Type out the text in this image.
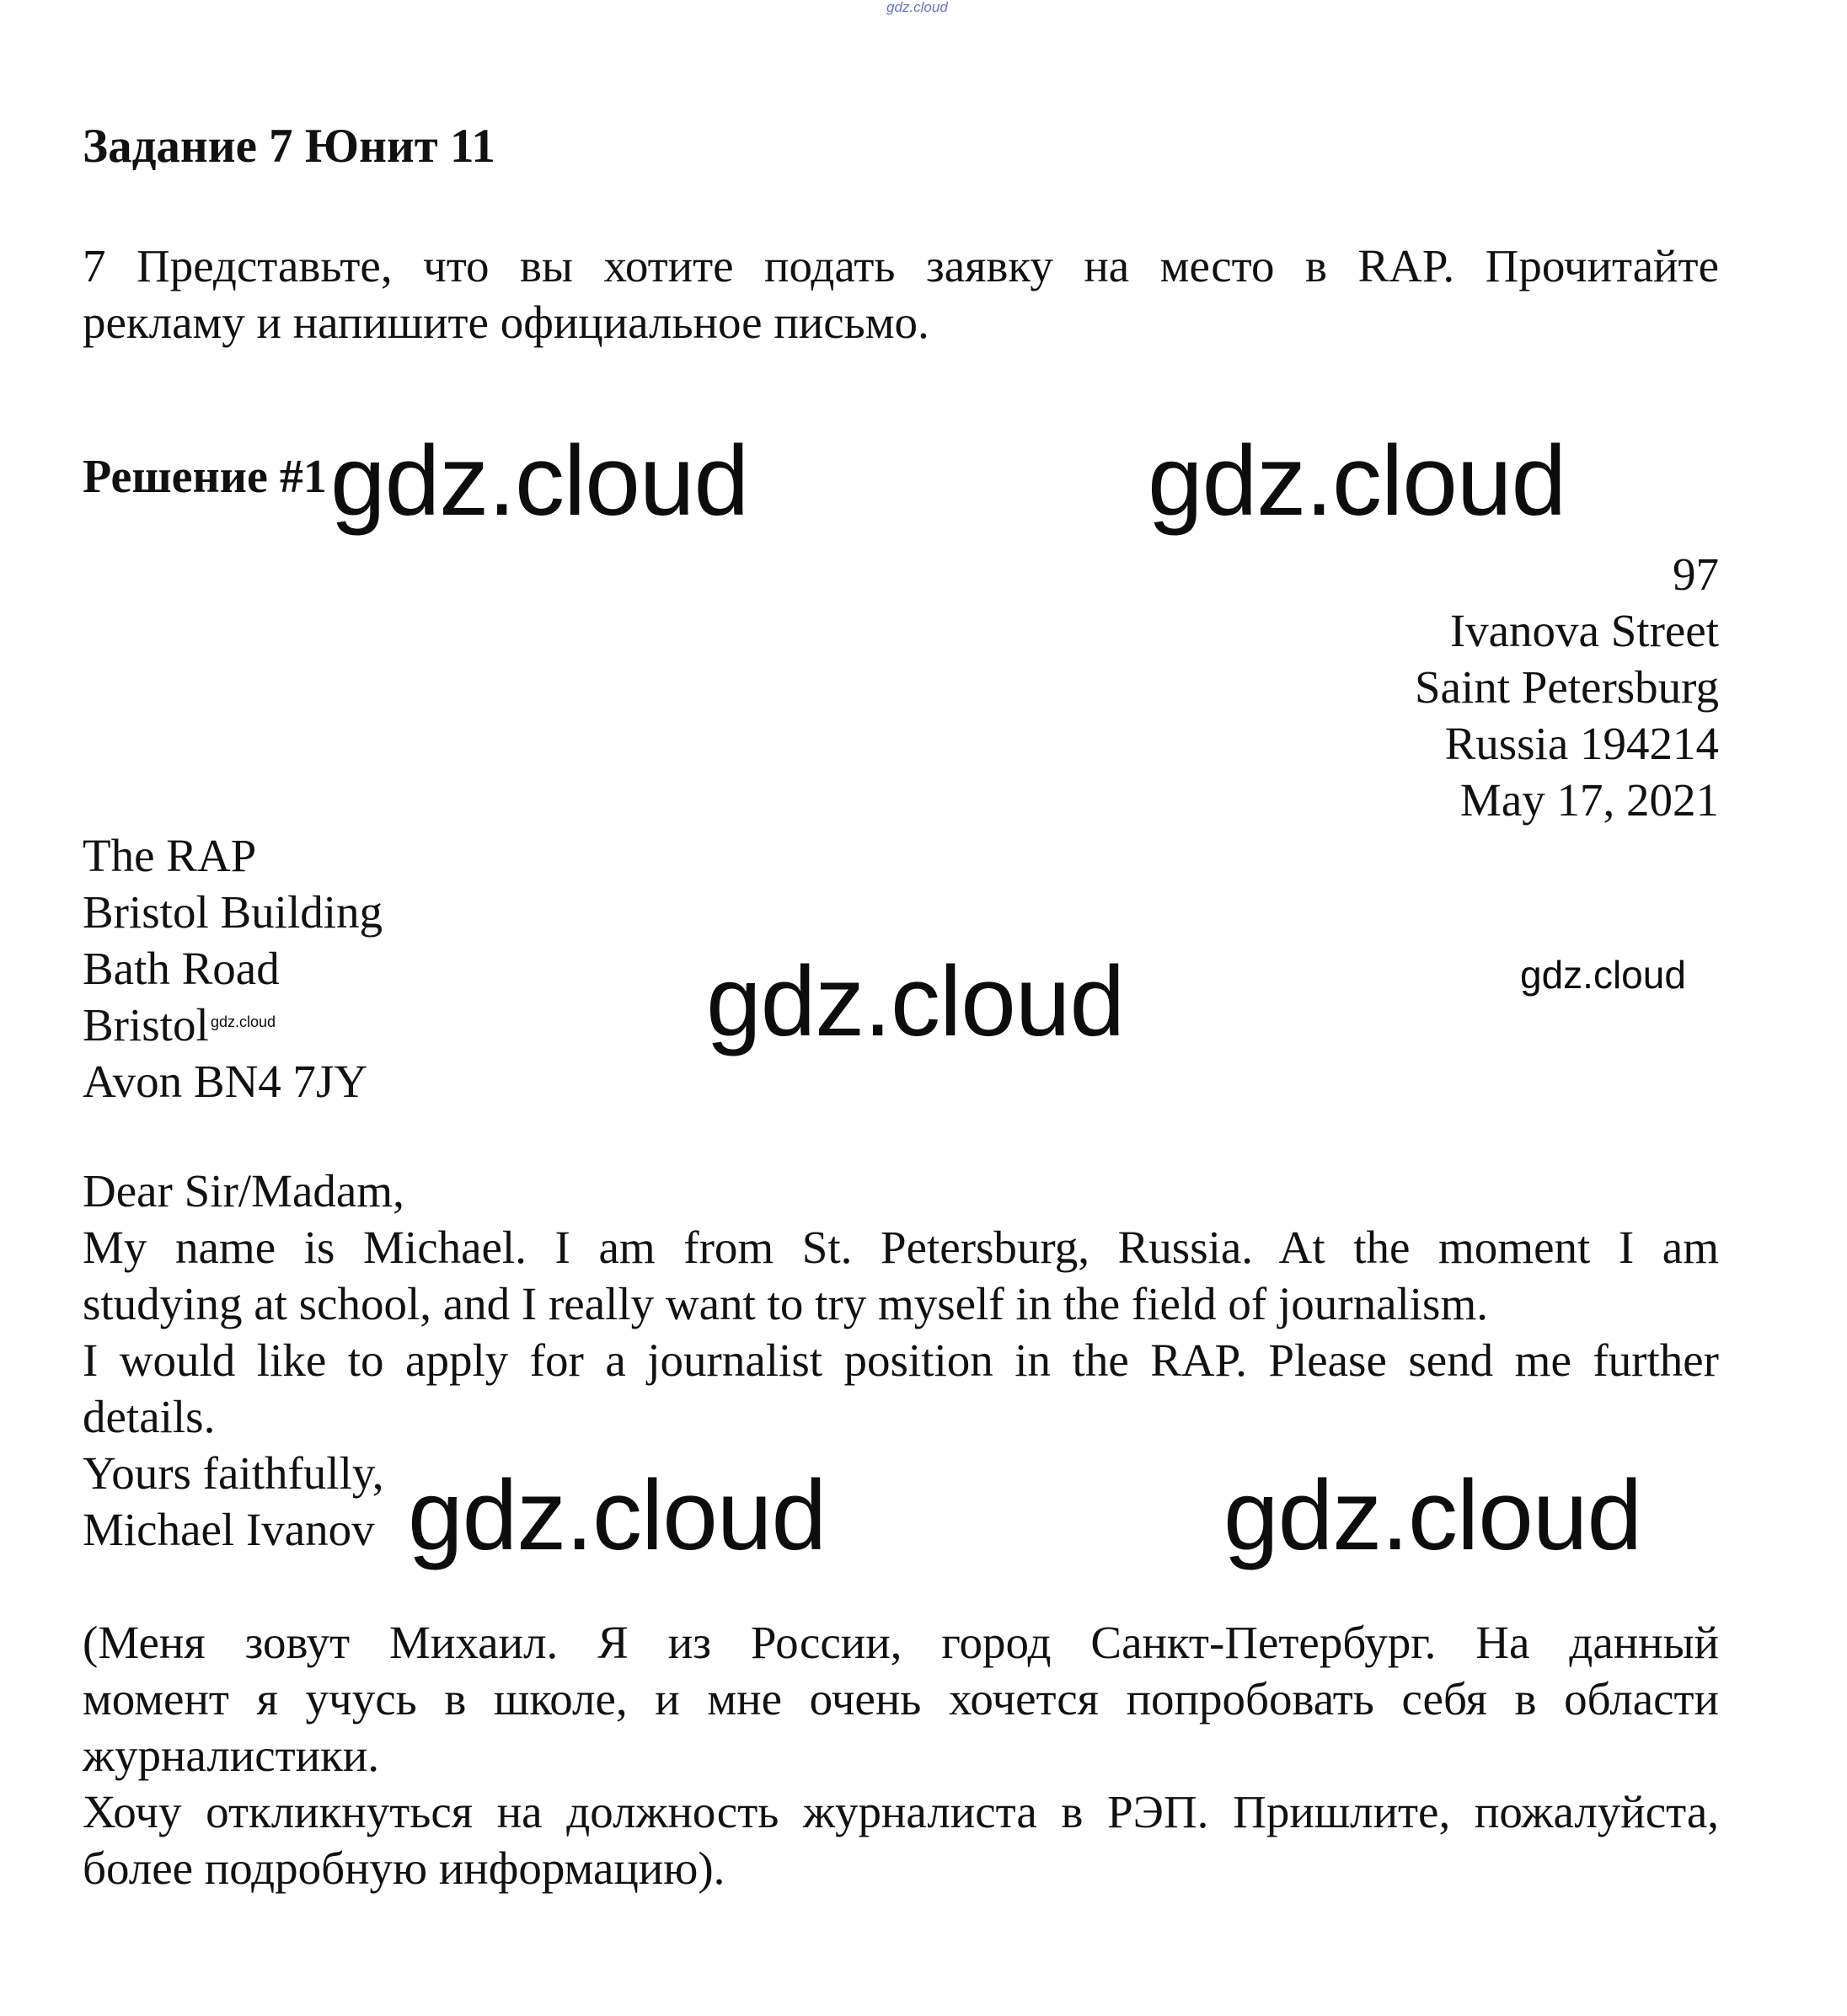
gdz.cloud
Задание 7 Юнит 11
7 Представьте, что вы хотите подать заявку на место в RAP. Прочитайте
рекламу и напишите официальное письмо.
Решение #1 gdz.cloud	gdz.cloud
97
Ivanova Street
Saint Petersburg
Russia 194214
May 17, 2021
The RAP
Bristol Building
Bath Road
Bristol
Avon BN4 7JY
gdz.cloud	gdz.cloud	gdz.cloud
Dear Sir/Madam,
My name is Michael. I am from St. Petersburg, Russia. At the moment I am
studying at school, and I really want to try myself in the field of journalism.
I would like to apply for a journalist position in the RAP. Please send me further
details.
Yours faithfully,
Michael Ivanov gdz.cloud	gdz.cloud
(Меня зовут Михаил. Я из России, город Санкт-Петербург. На данный
момент я учусь в школе, и мне очень хочется попробовать себя в области
журналистики.
Хочу откликнуться на должность журналиста в РЭП. Пришлите, пожалуйста,
более подробную информацию).
